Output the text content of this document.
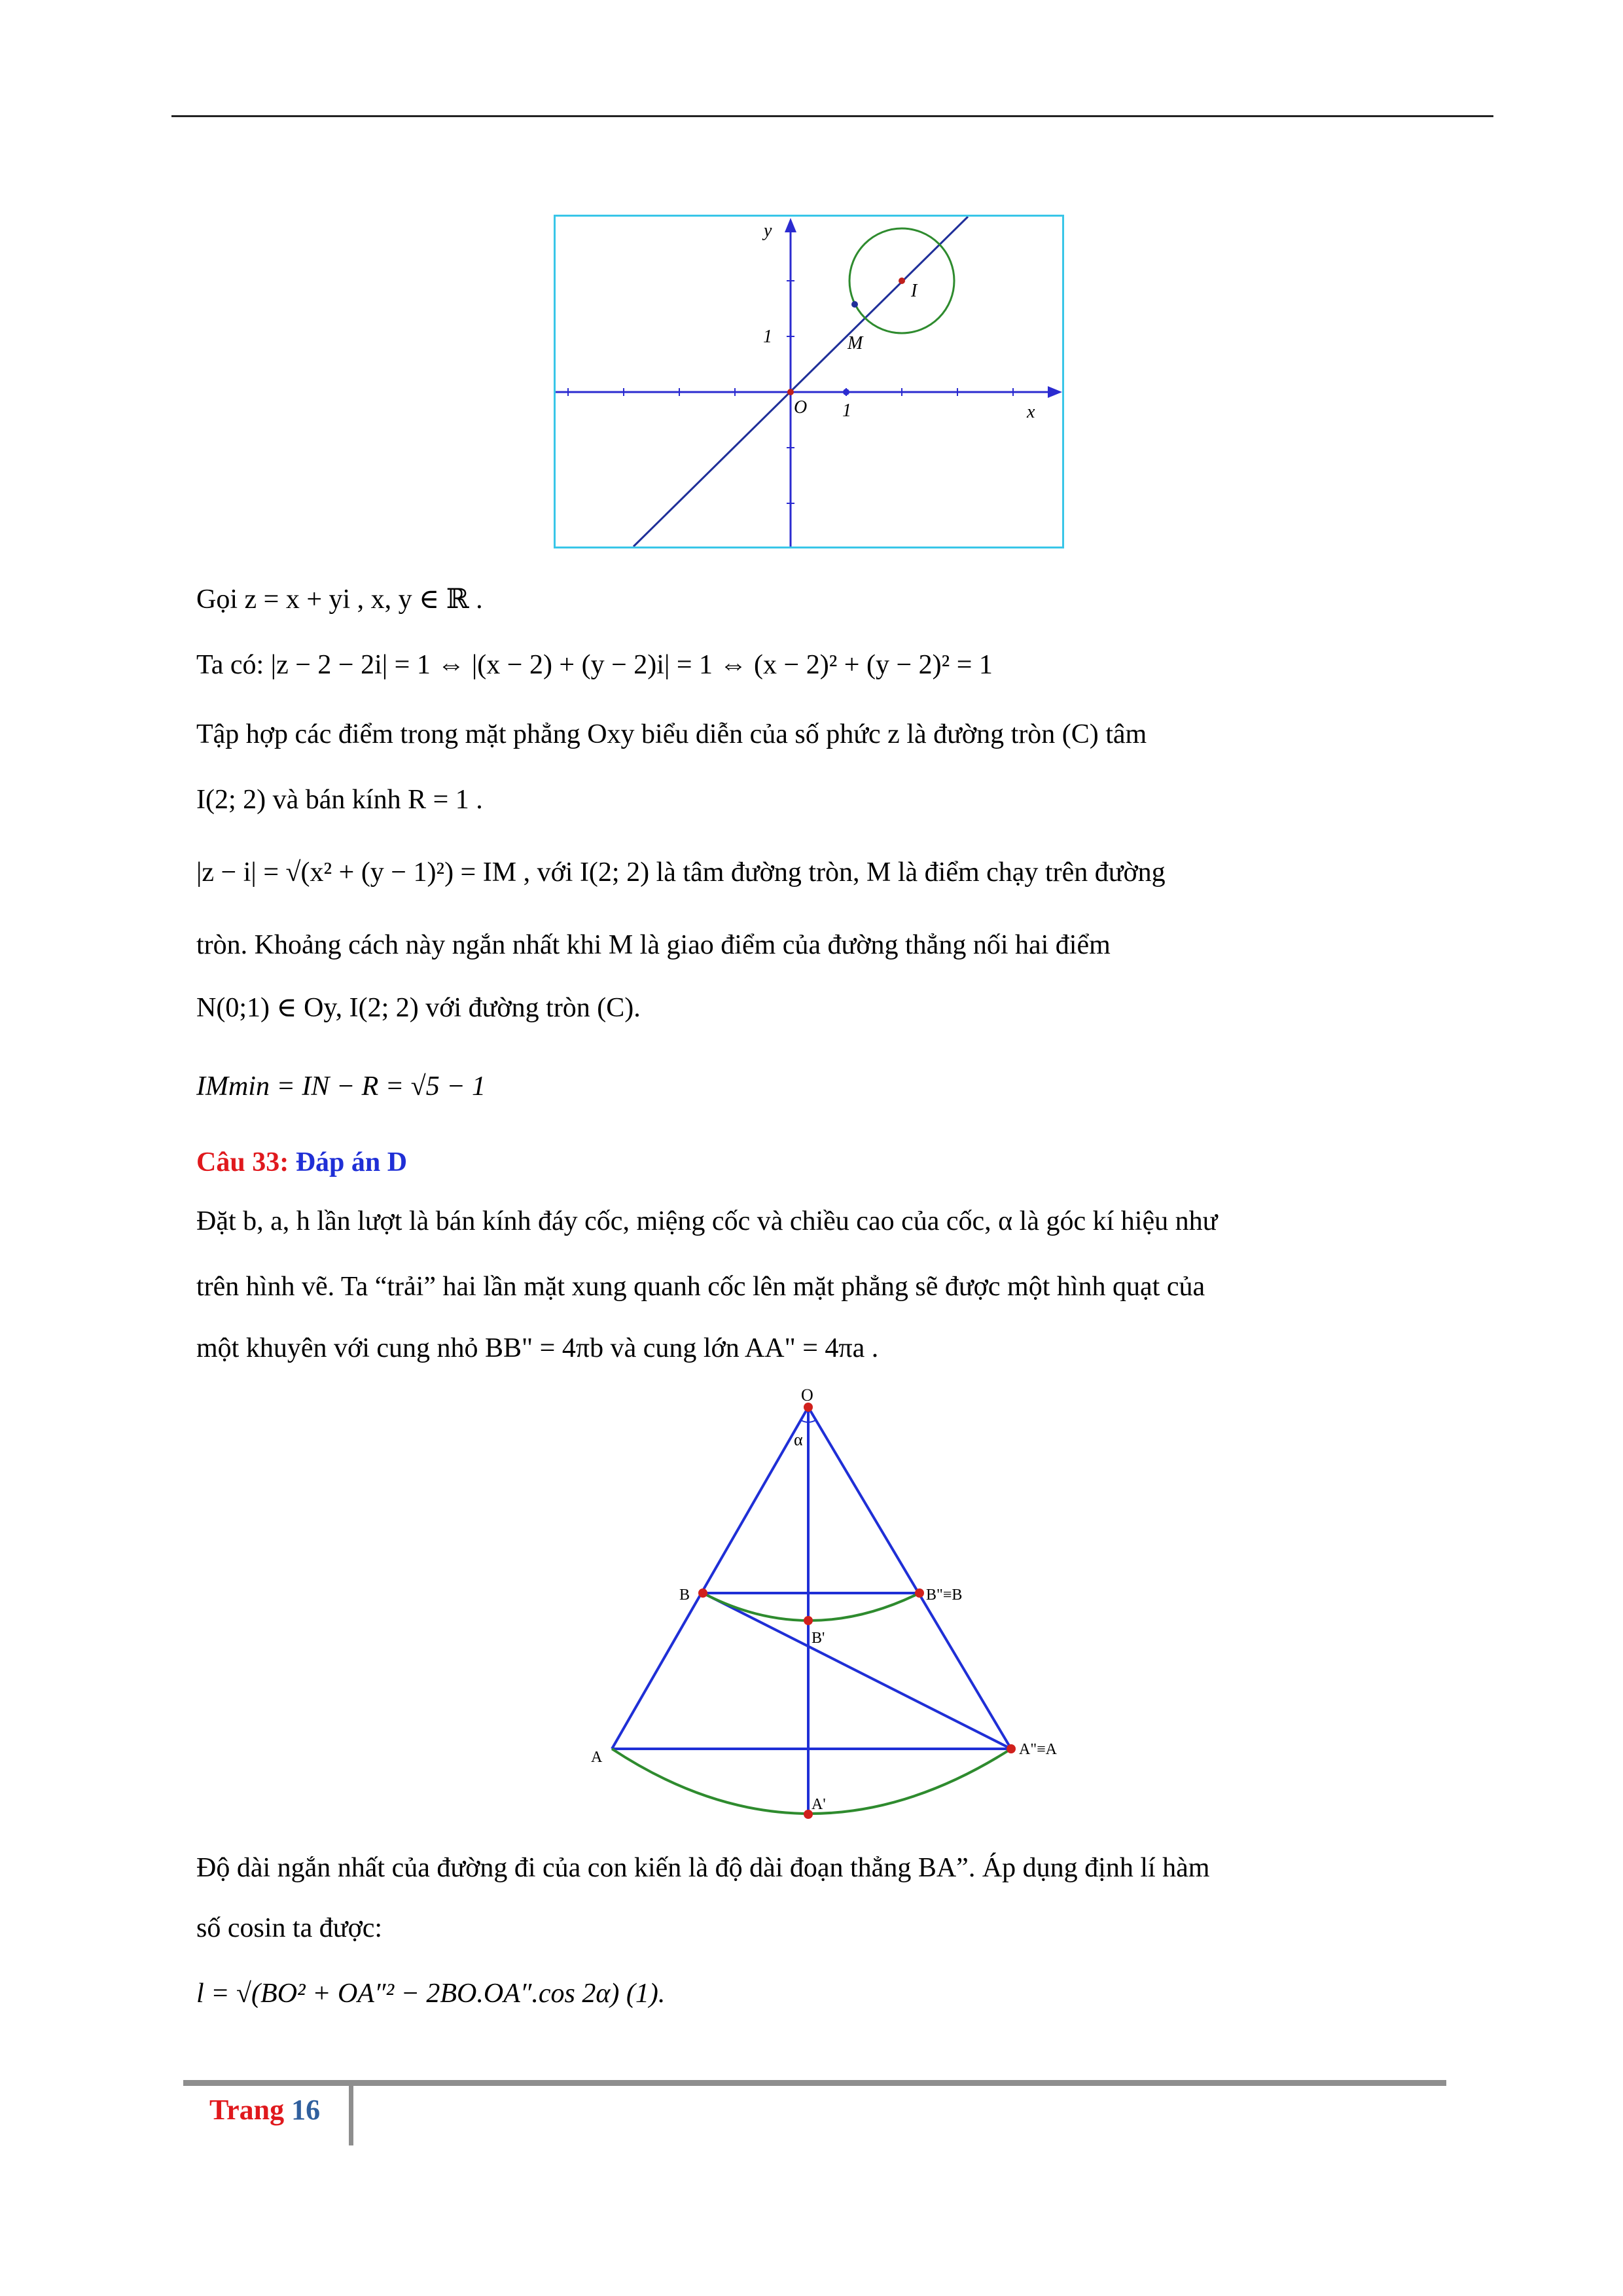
y
x
O
1
1
I
M
Gọi z = x + yi , x, y ∈ ℝ .
Ta có: |z − 2 − 2i| = 1 ⇔ |(x − 2) + (y − 2)i| = 1 ⇔ (x − 2)² + (y − 2)² = 1
Tập hợp các điểm trong mặt phẳng Oxy biểu diễn của số phức z là đường tròn (C) tâm
I(2; 2) và bán kính R = 1 .
|z − i| = √(x² + (y − 1)²) = IM , với I(2; 2) là tâm đường tròn, M là điểm chạy trên đường
tròn. Khoảng cách này ngắn nhất khi M là giao điểm của đường thẳng nối hai điểm
N(0;1) ∈ Oy, I(2; 2) với đường tròn (C).
IMmin = IN − R = √5 − 1
Câu 33: Đáp án D
Đặt b, a, h lần lượt là bán kính đáy cốc, miệng cốc và chiều cao của cốc, α là góc kí hiệu như
trên hình vẽ. Ta “trải” hai lần mặt xung quanh cốc lên mặt phẳng sẽ được một hình quạt của
một khuyên với cung nhỏ BB" = 4πb và cung lớn AA" = 4πa .
O
α
B	B"≡B
B'
A	A"≡A
A'
Độ dài ngắn nhất của đường đi của con kiến là độ dài đoạn thẳng BA”. Áp dụng định lí hàm
số cosin ta được:
l = √(BO² + OA″² − 2BO.OA″.cos 2α) (1).
Trang 16
